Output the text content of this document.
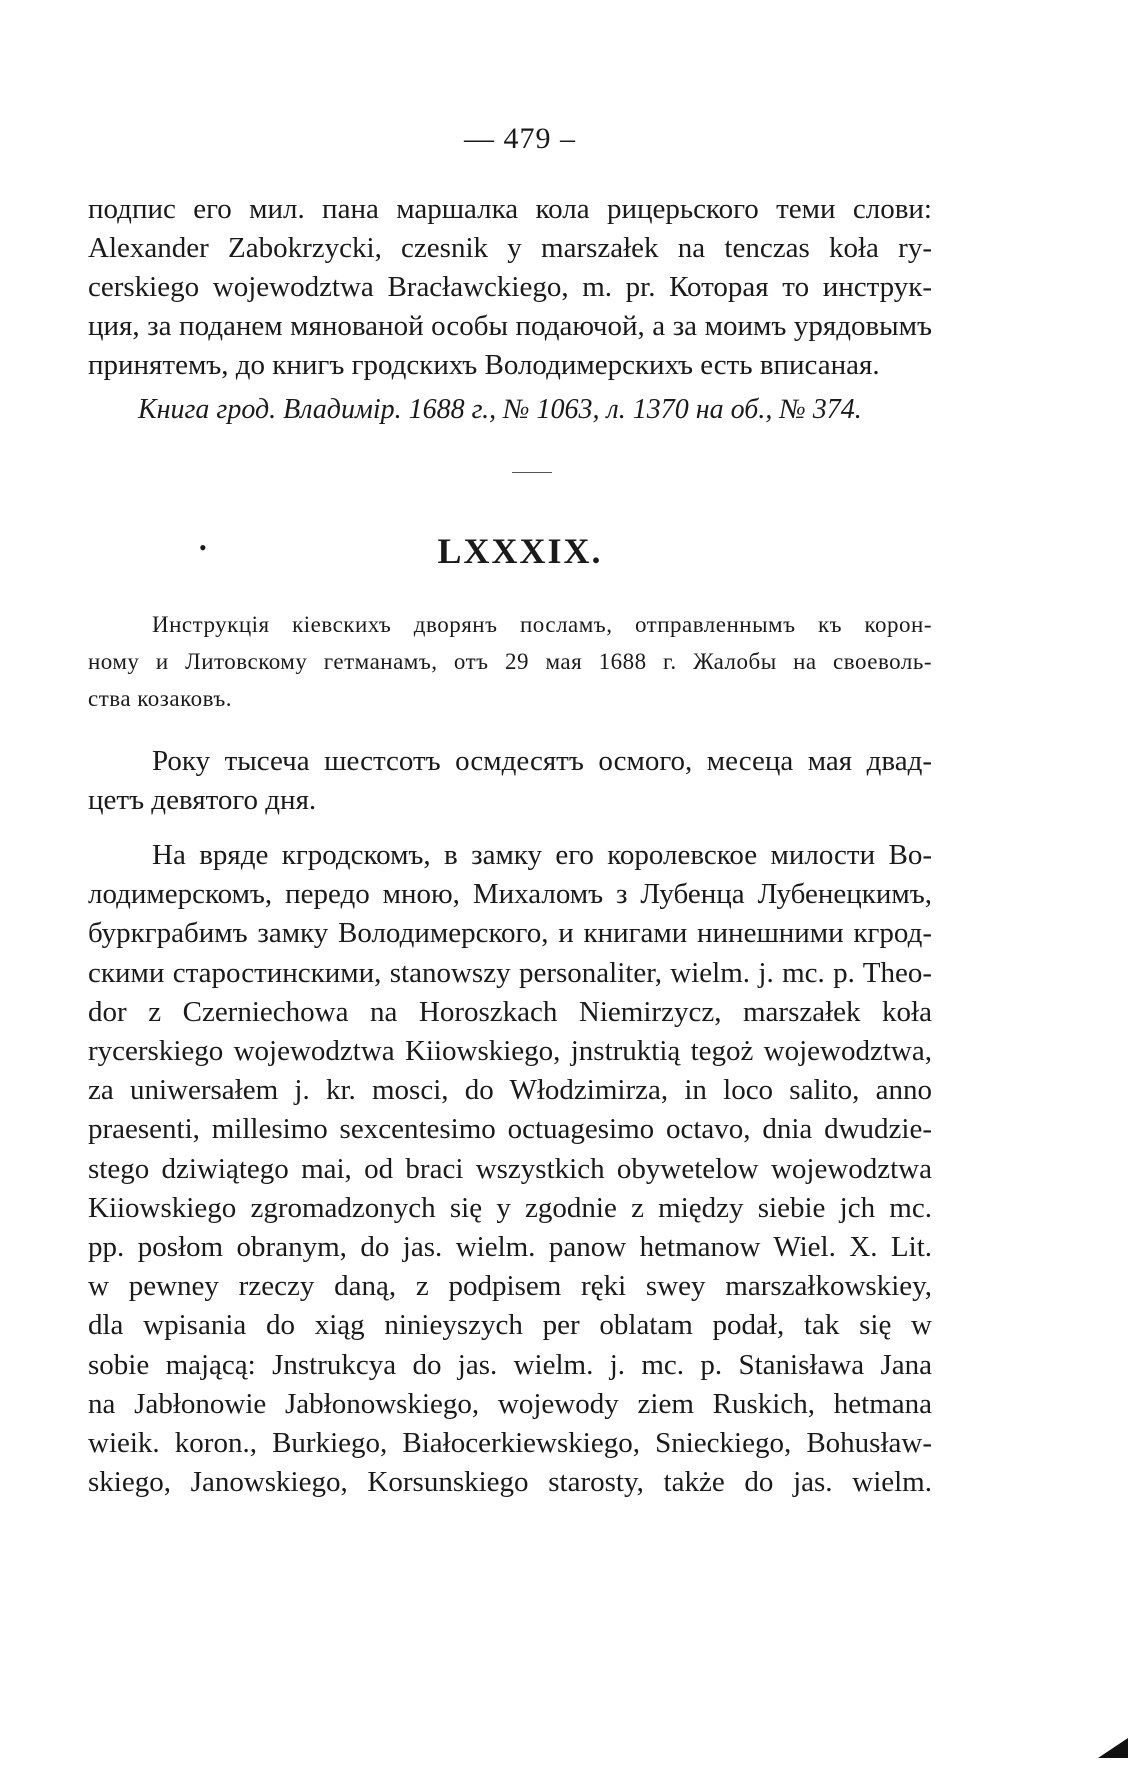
— 479 –
подпис его мил. пана маршалка кола рицерьского теми слови:
Alexander Zabokrzycki, czesnik y marszałek na tenczas koła ry-
cerskiego wojewodztwa Bracławckiego, m. pr. Которая то инструк-
ция, за поданем мянованой особы подаючой, а за моимъ урядовымъ
принятемъ, до книгъ гродскихъ Володимерскихъ есть вписаная.
Книга грод. Владимір. 1688 г., № 1063, л. 1370 на об., № 374.
•	LXXXIX.
Инструкція кіевскихъ дворянъ посламъ, отправленнымъ къ корон-
ному и Литовскому гетманамъ, отъ 29 мая 1688 г. Жалобы на своеволь-
ства козаковъ.
Року тысеча шестсотъ осмдесятъ осмого, месеца мая двад-
цетъ девятого дня.
На вряде кгродскомъ, в замку его королевское милости Во-
лодимерскомъ, передо мною, Михаломъ з Лубенца Лубенецкимъ,
буркграбимъ замку Володимерского, и книгами нинешними кгрод-
скими старостинскими, stanowszy personaliter, wielm. j. mc. p. Theo-
dor z Czerniechowa na Horoszkach Niemirzycz, marszałek koła
rycerskiego wojewodztwa Kiiowskiego, jnstruktią tegoż wojewodztwa,
za uniwersałem j. kr. mosci, do Włodzimirza, in loco salito, anno
praesenti, millesimo sexcentesimo octuagesimo octavo, dnia dwudzie-
stego dziwiątego mai, od braci wszystkich obywetelow wojewodztwa
Kiiowskiego zgromadzonych się y zgodnie z między siebie jch mc.
pp. posłom obranym, do jas. wielm. panow hetmanow Wiel. X. Lit.
w pewney rzeczy daną, z podpisem ręki swey marszałkowskiey,
dla wpisania do xiąg ninieyszych per oblatam podał, tak się w
sobie mającą: Jnstrukcya do jas. wielm. j. mc. p. Stanisława Jana
na Jabłonowie Jabłonowskiego, wojewody ziem Ruskich, hetmana
wieik. koron., Burkiego, Białocerkiewskiego, Snieckiego, Bohusław-
skiego, Janowskiego, Korsunskiego starosty, także do jas. wielm.
